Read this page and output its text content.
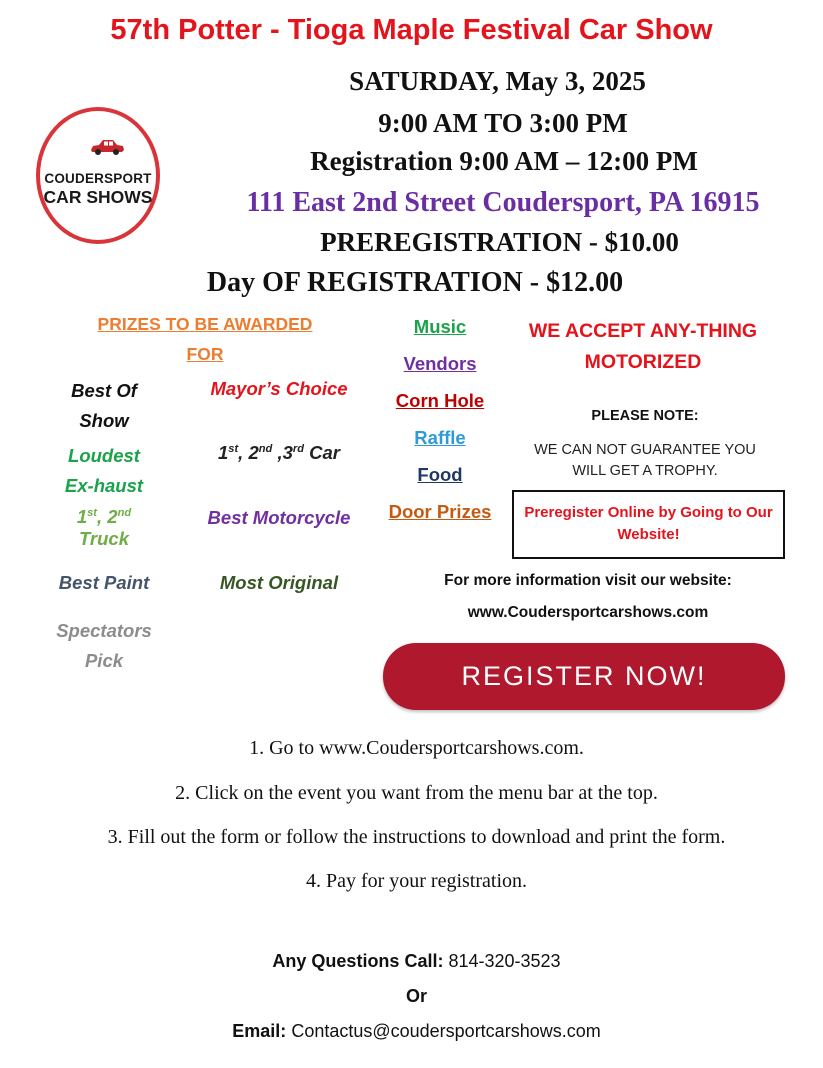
57th Potter - Tioga Maple Festival Car Show
SATURDAY, May 3, 2025
9:00 AM TO 3:00 PM
Registration 9:00 AM – 12:00 PM
111 East 2nd Street Coudersport, PA 16915
PREREGISTRATION - $10.00
Day OF REGISTRATION - $12.00
COUDERSPORT
CAR SHOWS
PRIZES TO BE AWARDED
FOR
Best Of Show
Loudest Ex-haust
1st, 2nd Truck
Best Paint
Spectators Pick
Mayor’s Choice
1st, 2nd ,3rd Car
Best Motorcycle
Most Original
Music
Vendors
Corn Hole
Raffle
Food
Door Prizes
WE ACCEPT ANY-THING MOTORIZED
PLEASE NOTE:
WE CAN NOT GUARANTEE YOU WILL GET A TROPHY.
Preregister Online by Going to Our Website!
For more information visit our website:
www.Coudersportcarshows.com
REGISTER NOW!
1. Go to www.Coudersportcarshows.com.
2. Click on the event you want from the menu bar at the top.
3. Fill out the form or follow the instructions to download and print the form.
4. Pay for your registration.
Any Questions Call: 814-320-3523
Or
Email: Contactus@coudersportcarshows.com
